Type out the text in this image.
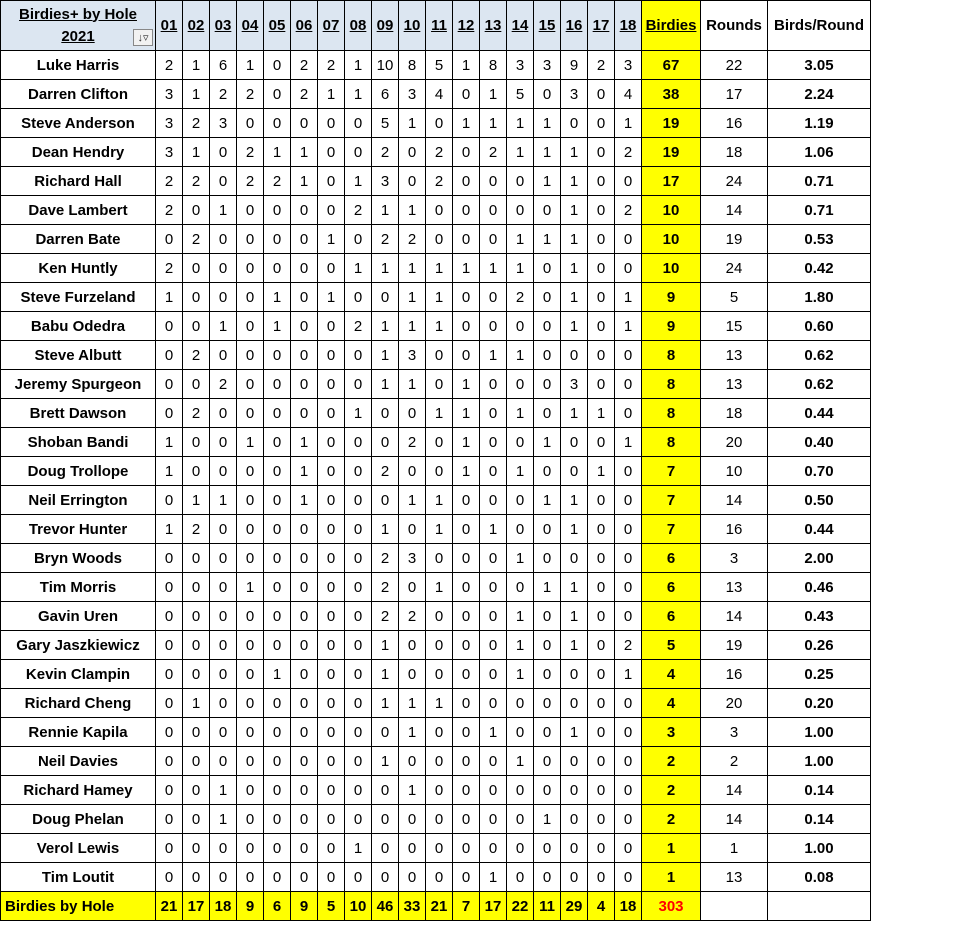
Birdies+ by Hole
2021 ↓▿	01	02	03	04	05	06	07	08	09	10	11	12	13	14	15	16	17	18	Birdies	Rounds	Birds/Round
Luke Harris	2	1	6	1	0	2	2	1	10	8	5	1	8	3	3	9	2	3	67	22	3.05
Darren Clifton	3	1	2	2	0	2	1	1	6	3	4	0	1	5	0	3	0	4	38	17	2.24
Steve Anderson	3	2	3	0	0	0	0	0	5	1	0	1	1	1	1	0	0	1	19	16	1.19
Dean Hendry	3	1	0	2	1	1	0	0	2	0	2	0	2	1	1	1	0	2	19	18	1.06
Richard Hall	2	2	0	2	2	1	0	1	3	0	2	0	0	0	1	1	0	0	17	24	0.71
Dave Lambert	2	0	1	0	0	0	0	2	1	1	0	0	0	0	0	1	0	2	10	14	0.71
Darren Bate	0	2	0	0	0	0	1	0	2	2	0	0	0	1	1	1	0	0	10	19	0.53
Ken Huntly	2	0	0	0	0	0	0	1	1	1	1	1	1	1	0	1	0	0	10	24	0.42
Steve Furzeland	1	0	0	0	1	0	1	0	0	1	1	0	0	2	0	1	0	1	9	5	1.80
Babu Odedra	0	0	1	0	1	0	0	2	1	1	1	0	0	0	0	1	0	1	9	15	0.60
Steve Albutt	0	2	0	0	0	0	0	0	1	3	0	0	1	1	0	0	0	0	8	13	0.62
Jeremy Spurgeon	0	0	2	0	0	0	0	0	1	1	0	1	0	0	0	3	0	0	8	13	0.62
Brett Dawson	0	2	0	0	0	0	0	1	0	0	1	1	0	1	0	1	1	0	8	18	0.44
Shoban Bandi	1	0	0	1	0	1	0	0	0	2	0	1	0	0	1	0	0	1	8	20	0.40
Doug Trollope	1	0	0	0	0	1	0	0	2	0	0	1	0	1	0	0	1	0	7	10	0.70
Neil Errington	0	1	1	0	0	1	0	0	0	1	1	0	0	0	1	1	0	0	7	14	0.50
Trevor Hunter	1	2	0	0	0	0	0	0	1	0	1	0	1	0	0	1	0	0	7	16	0.44
Bryn Woods	0	0	0	0	0	0	0	0	2	3	0	0	0	1	0	0	0	0	6	3	2.00
Tim Morris	0	0	0	1	0	0	0	0	2	0	1	0	0	0	1	1	0	0	6	13	0.46
Gavin Uren	0	0	0	0	0	0	0	0	2	2	0	0	0	1	0	1	0	0	6	14	0.43
Gary Jaszkiewicz	0	0	0	0	0	0	0	0	1	0	0	0	0	1	0	1	0	2	5	19	0.26
Kevin Clampin	0	0	0	0	1	0	0	0	1	0	0	0	0	1	0	0	0	1	4	16	0.25
Richard Cheng	0	1	0	0	0	0	0	0	1	1	1	0	0	0	0	0	0	0	4	20	0.20
Rennie Kapila	0	0	0	0	0	0	0	0	0	1	0	0	1	0	0	1	0	0	3	3	1.00
Neil Davies	0	0	0	0	0	0	0	0	1	0	0	0	0	1	0	0	0	0	2	2	1.00
Richard Hamey	0	0	1	0	0	0	0	0	0	1	0	0	0	0	0	0	0	0	2	14	0.14
Doug Phelan	0	0	1	0	0	0	0	0	0	0	0	0	0	0	1	0	0	0	2	14	0.14
Verol Lewis	0	0	0	0	0	0	0	1	0	0	0	0	0	0	0	0	0	0	1	1	1.00
Tim Loutit	0	0	0	0	0	0	0	0	0	0	0	0	1	0	0	0	0	0	1	13	0.08
Birdies by Hole	21	17	18	9	6	9	5	10	46	33	21	7	17	22	11	29	4	18	303		
